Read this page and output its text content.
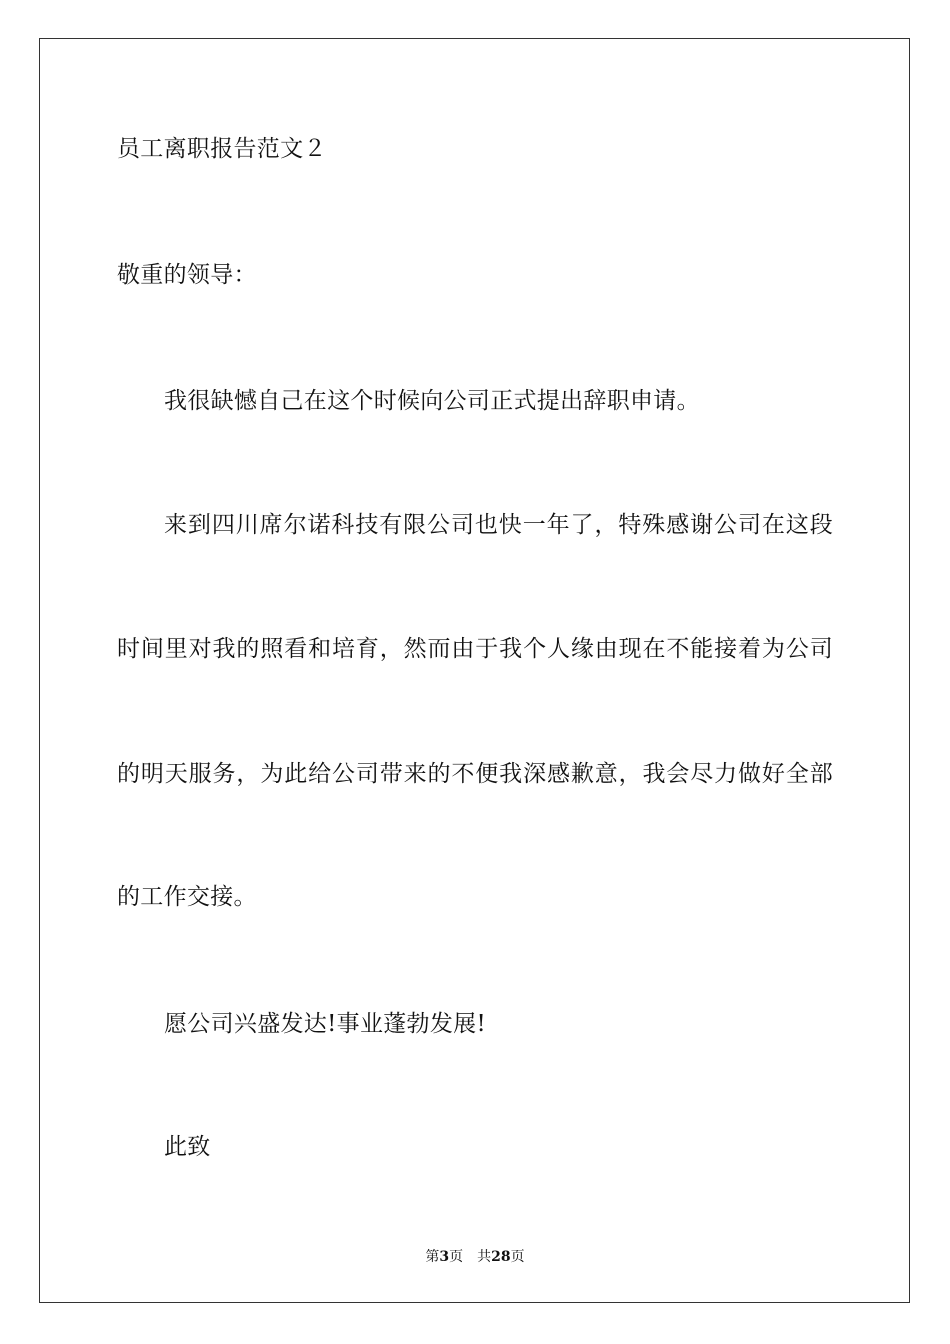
员工离职报告范文２
敬重的领导：
我很缺憾自己在这个时候向公司正式提出辞职申请。
来到四川席尔诺科技有限公司也快一年了，特殊感谢公司在这段
时间里对我的照看和培育，然而由于我个人缘由现在不能接着为公司
的明天服务，为此给公司带来的不便我深感歉意，我会尽力做好全部
的工作交接。
愿公司兴盛发达!事业蓬勃发展!
此致
第3页 共28页
